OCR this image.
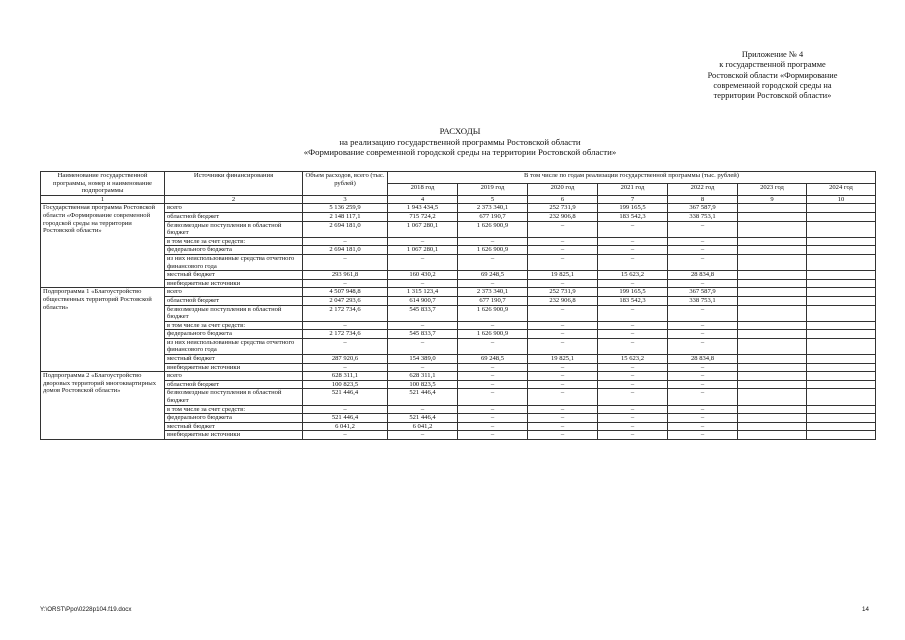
Приложение № 4
к государственной программе
Ростовской области «Формирование
современной городской среды на
территории Ростовской области»
РАСХОДЫ
на реализацию государственной программы Ростовской области
«Формирование современной городской среды на территории Ростовской области»
Наименование государственной программы, номер и наименование подпрограммы	Источники финансирования	Объем расходов, всего (тыс. рублей)	В том числе по годам реализации государственной программы (тыс. рублей)						
			2018 год	2019 год	2020 год	2021 год	2022 год	2023 год	2024 год
1	2	3	4	5	6	7	8	9	10
Государственная программа Ростовской области «Формирование современной городской среды на территории Ростовской области»	всего	5 136 259,9	1 943 434,5	2 373 340,1	252 731,9	199 165,5	367 587,9		
	областной бюджет	2 148 117,1	715 724,2	677 190,7	232 906,8	183 542,3	338 753,1		
	безвозмездные поступления в областной бюджет	2 694 181,0	1 067 280,1	1 626 900,9	–	–	–		
	в том числе за счет средств:	–	–	–	–	–	–		
	федерального бюджета	2 694 181,0	1 067 280,1	1 626 900,9	–	–	–		
	из них неиспользованные средства отчетного финансового года	–	–	–	–	–	–		
	местный бюджет	293 961,8	160 430,2	69 248,5	19 825,1	15 623,2	28 834,8		
	внебюджетные источники	–	–	–	–	–	–		
Подпрограмма 1 «Благоустройство общественных территорий Ростовской области»	всего	4 507 948,8	1 315 123,4	2 373 340,1	252 731,9	199 165,5	367 587,9		
	областной бюджет	2 047 293,6	614 900,7	677 190,7	232 906,8	183 542,3	338 753,1		
	безвозмездные поступления в областной бюджет	2 172 734,6	545 833,7	1 626 900,9	–	–	–		
	в том числе за счет средств:	–	–	–	–	–	–		
	федерального бюджета	2 172 734,6	545 833,7	1 626 900,9	–	–	–		
	из них неиспользованные средства отчетного финансового года	–	–	–	–	–	–		
	местный бюджет	287 920,6	154 389,0	69 248,5	19 825,1	15 623,2	28 834,8		
	внебюджетные источники	–	–	–	–	–	–		
Подпрограмма 2 «Благоустройство дворовых территорий многоквартирных домов Ростовской области»	всего	628 311,1	628 311,1	–	–	–	–		
	областной бюджет	100 823,5	100 823,5	–	–	–	–		
	безвозмездные поступления в областной бюджет	521 446,4	521 446,4	–	–	–	–		
	в том числе за счет средств:	–	–	–	–	–	–		
	федерального бюджета	521 446,4	521 446,4	–	–	–	–		
	местный бюджет	6 041,2	6 041,2	–	–	–	–		
	внебюджетные источники	–	–	–	–	–	–		
Y:\ORST\Ppo\0228p104.f19.docx	14
